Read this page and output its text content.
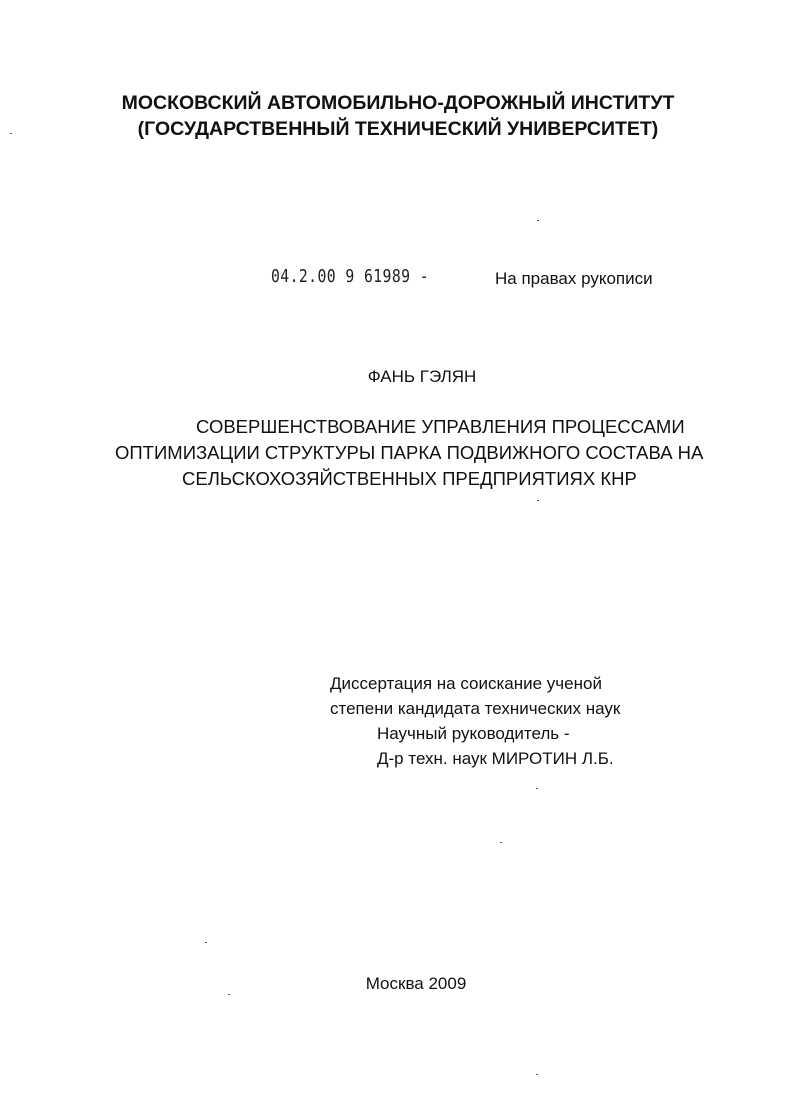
МОСКОВСКИЙ АВТОМОБИЛЬНО-ДОРОЖНЫЙ ИНСТИТУТ
(ГОСУДАРСТВЕННЫЙ ТЕХНИЧЕСКИЙ УНИВЕРСИТЕТ)
04.2.00 9 61989 -	На правах рукописи
ФАНЬ ГЭЛЯН
СОВЕРШЕНСТВОВАНИЕ УПРАВЛЕНИЯ ПРОЦЕССАМИ
ОПТИМИЗАЦИИ СТРУКТУРЫ ПАРКА ПОДВИЖНОГО СОСТАВА НА
СЕЛЬСКОХОЗЯЙСТВЕННЫХ ПРЕДПРИЯТИЯХ КНР
Диссертация на соискание ученой
степени кандидата технических наук
Научный руководитель -
Д-р техн. наук МИРОТИН Л.Б.
Москва 2009
